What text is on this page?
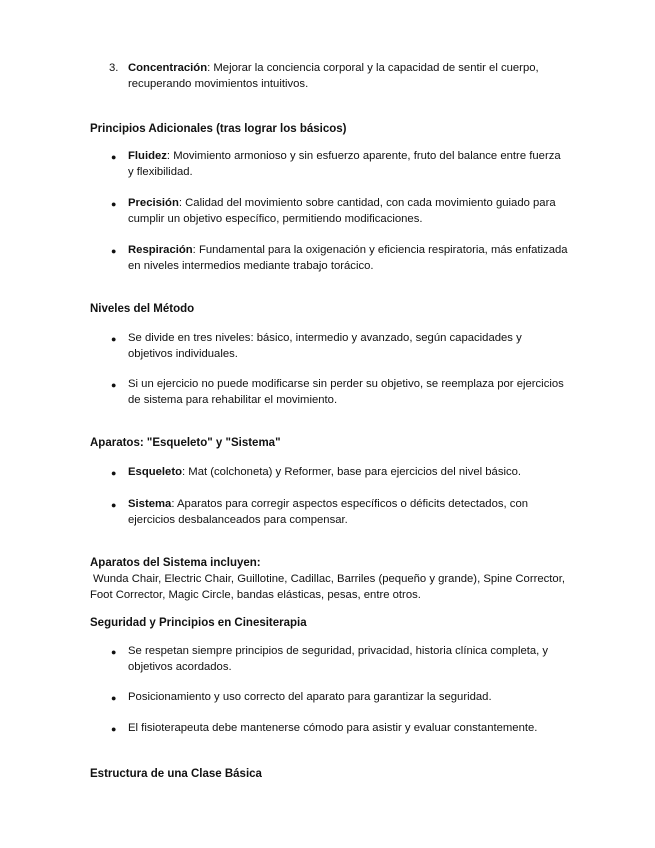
3. Concentración: Mejorar la conciencia corporal y la capacidad de sentir el cuerpo, recuperando movimientos intuitivos.
Principios Adicionales (tras lograr los básicos)
● Fluidez: Movimiento armonioso y sin esfuerzo aparente, fruto del balance entre fuerza y flexibilidad.
● Precisión: Calidad del movimiento sobre cantidad, con cada movimiento guiado para cumplir un objetivo específico, permitiendo modificaciones.
● Respiración: Fundamental para la oxigenación y eficiencia respiratoria, más enfatizada en niveles intermedios mediante trabajo torácico.
Niveles del Método
● Se divide en tres niveles: básico, intermedio y avanzado, según capacidades y objetivos individuales.
● Si un ejercicio no puede modificarse sin perder su objetivo, se reemplaza por ejercicios de sistema para rehabilitar el movimiento.
Aparatos: "Esqueleto" y "Sistema"
● Esqueleto: Mat (colchoneta) y Reformer, base para ejercicios del nivel básico.
● Sistema: Aparatos para corregir aspectos específicos o déficits detectados, con ejercicios desbalanceados para compensar.
Aparatos del Sistema incluyen:
Wunda Chair, Electric Chair, Guillotine, Cadillac, Barriles (pequeño y grande), Spine Corrector, Foot Corrector, Magic Circle, bandas elásticas, pesas, entre otros.
Seguridad y Principios en Cinesiterapia
● Se respetan siempre principios de seguridad, privacidad, historia clínica completa, y objetivos acordados.
● Posicionamiento y uso correcto del aparato para garantizar la seguridad.
● El fisioterapeuta debe mantenerse cómodo para asistir y evaluar constantemente.
Estructura de una Clase Básica
